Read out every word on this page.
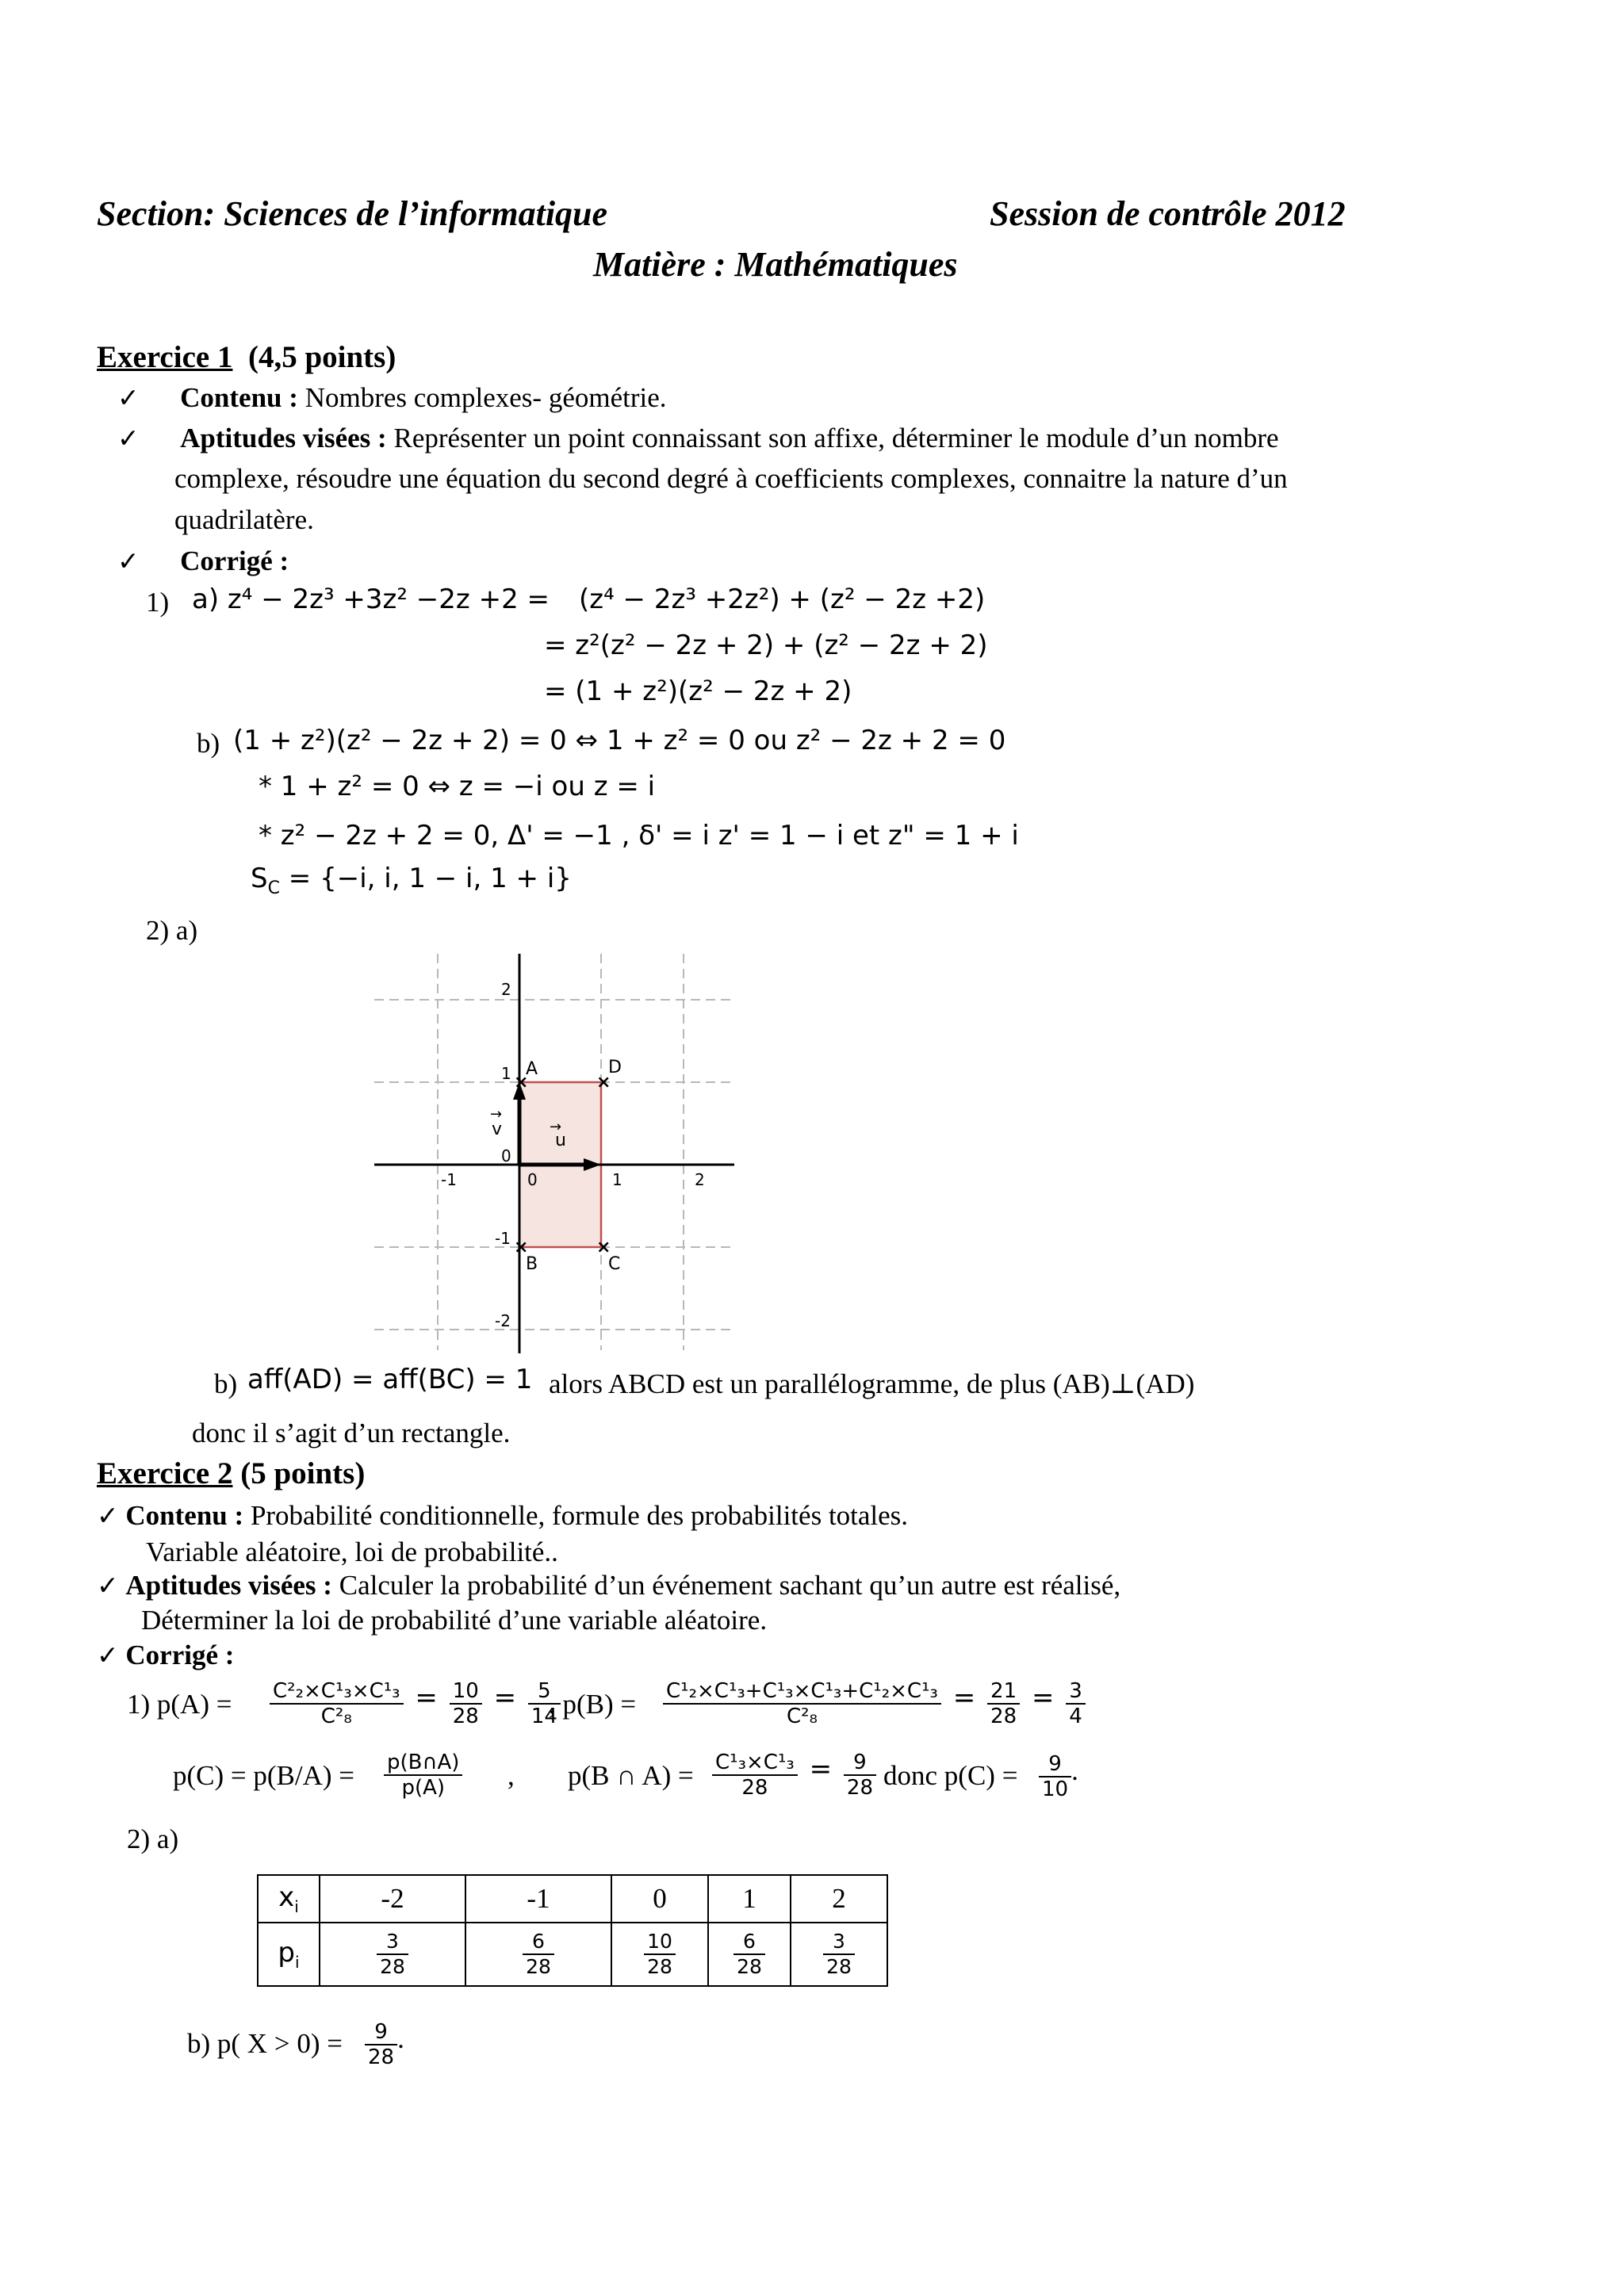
Section: Sciences de l’informatique	Session de contrôle 2012
Matière : Mathématiques
Exercice 1 (4,5 points)
✓ Contenu : Nombres complexes- géométrie.
✓ Aptitudes visées : Représenter un point connaissant son affixe, déterminer le module d’un nombre
complexe, résoudre une équation du second degré à coefficients complexes, connaitre la nature d’un
quadrilatère.
✓ Corrigé :
1) a) z⁴ − 2z³ +3z² −2z +2 = (z⁴ − 2z³ +2z²) + (z² − 2z +2)
= z²(z² − 2z + 2) + (z² − 2z + 2)
= (1 + z²)(z² − 2z + 2)
b) (1 + z²)(z² − 2z + 2) = 0 ⇔ 1 + z² = 0 ou z² − 2z + 2 = 0
* 1 + z² = 0 ⇔ z = −i ou z = i
* z² − 2z + 2 = 0, Δ' = −1 , δ' = i z' = 1 − i et z" = 1 + i
$S_C = \{-i$, i, 1 − i, 1 + i}
2) a)
u
→
v
→
-1	0	1	2
2
1
0
-1
-2
×
A
×
D
×
B
×
C
b) aff(AD) = aff(BC) = 1 alors ABCD est un parallélogramme, de plus (AB)⊥(AD)
donc il s’agit d’un rectangle.
Exercice 2 (5 points)
✓ Contenu : Probabilité conditionnelle, formule des probabilités totales.
Variable aléatoire, loi de probabilité..
✓ Aptitudes visées : Calculer la probabilité d’un événement sachant qu’un autre est réalisé,
Déterminer la loi de probabilité d’une variable aléatoire.
✓ Corrigé :
1) $p(A) = \frac{\text{C²₂×C¹₃×C¹₃}}{\text{C²₈}} = \frac{10}{28} = \frac{5}{14}$
, $p(B) = \frac{\text{C¹₂×C¹₃+C¹₃×C¹₃+C¹₂×C¹₃}}{\text{C²₈}} = \frac{21}{28} = \frac{3}{4}$
$p(C) = p(B/A) = \frac{p(B\cap A)}{p(A)}$ , p(B ∩ $A) = \frac{\text{C¹₃×C¹₃}}{28} = \frac{9}{28}$ donc $p(C) = \frac{9}{10}$ .
2) a)
$x_i$	-2	-1	0	1	2
$p_i$	$\frac{3}{28}$	$\frac{6}{28}$	$\frac{10}{28}$	$\frac{6}{28}$	$\frac{3}{28}$
b) p( $X > 0) = \frac{9}{28}$ .
